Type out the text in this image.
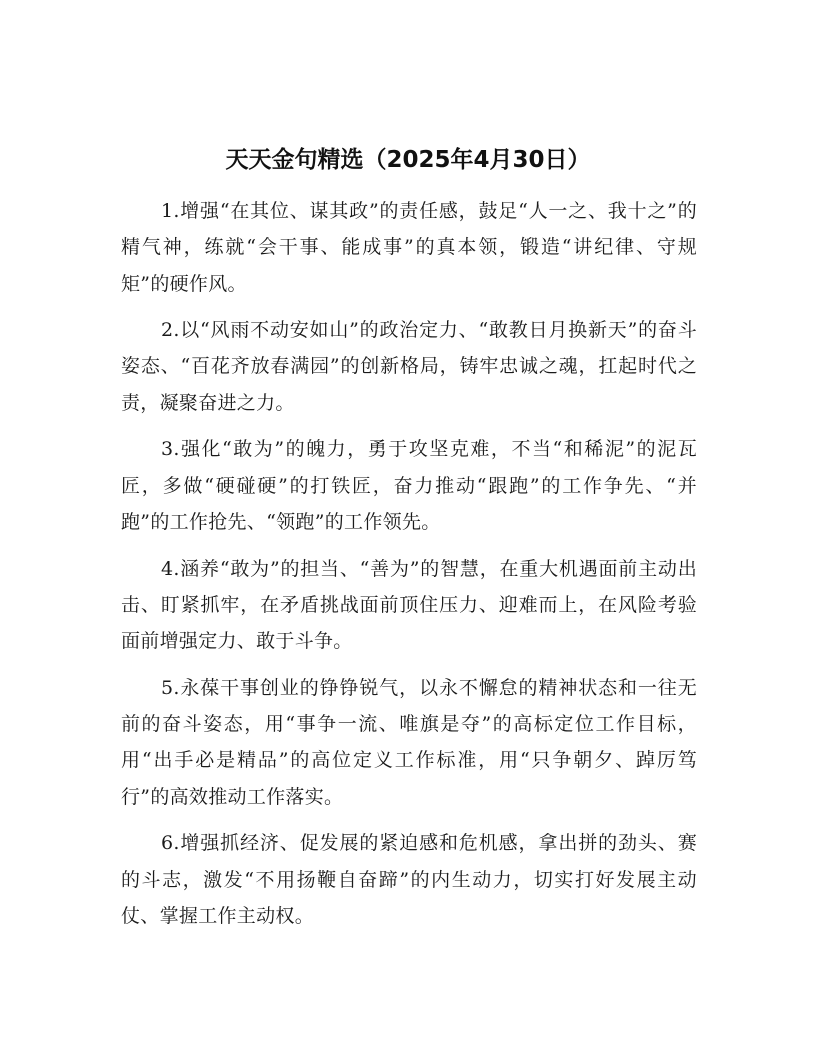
天天金句精选（2025年4月30日）

1.增强“在其位、谋其政”的责任感，鼓足“人一之、我十之”的精气神，练就“会干事、能成事”的真本领，锻造“讲纪律、守规矩”的硬作风。

2.以“风雨不动安如山”的政治定力、“敢教日月换新天”的奋斗姿态、“百花齐放春满园”的创新格局，铸牢忠诚之魂，扛起时代之责，凝聚奋进之力。

3.强化“敢为”的魄力，勇于攻坚克难，不当“和稀泥”的泥瓦匠，多做“硬碰硬”的打铁匠，奋力推动“跟跑”的工作争先、“并跑”的工作抢先、“领跑”的工作领先。

4.涵养“敢为”的担当、“善为”的智慧，在重大机遇面前主动出击、盯紧抓牢，在矛盾挑战面前顶住压力、迎难而上，在风险考验面前增强定力、敢于斗争。

5.永葆干事创业的铮铮锐气，以永不懈怠的精神状态和一往无前的奋斗姿态，用“事争一流、唯旗是夺”的高标定位工作目标，用“出手必是精品”的高位定义工作标准，用“只争朝夕、踔厉笃行”的高效推动工作落实。

6.增强抓经济、促发展的紧迫感和危机感，拿出拼的劲头、赛的斗志，激发“不用扬鞭自奋蹄”的内生动力，切实打好发展主动仗、掌握工作主动权。
